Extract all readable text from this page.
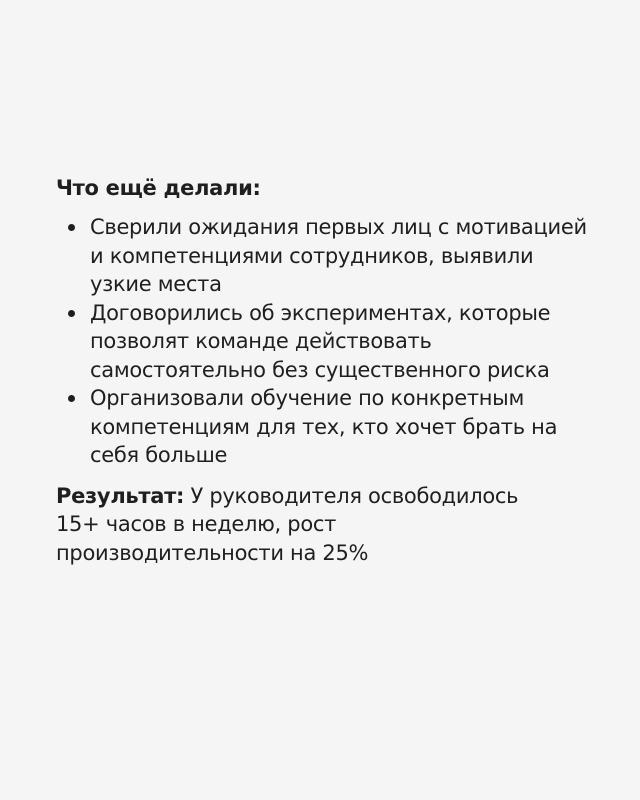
Что ещё делали:
Сверили ожидания первых лиц с мотивацией и компетенциями сотрудников, выявили узкие места
Договорились об экспериментах, которые позволят команде действовать самостоятельно без существенного риска
Организовали обучение по конкретным компетенциям для тех, кто хочет брать на себя больше
Результат: У руководителя освободилось 15+ часов в неделю, рост производительности на 25%
